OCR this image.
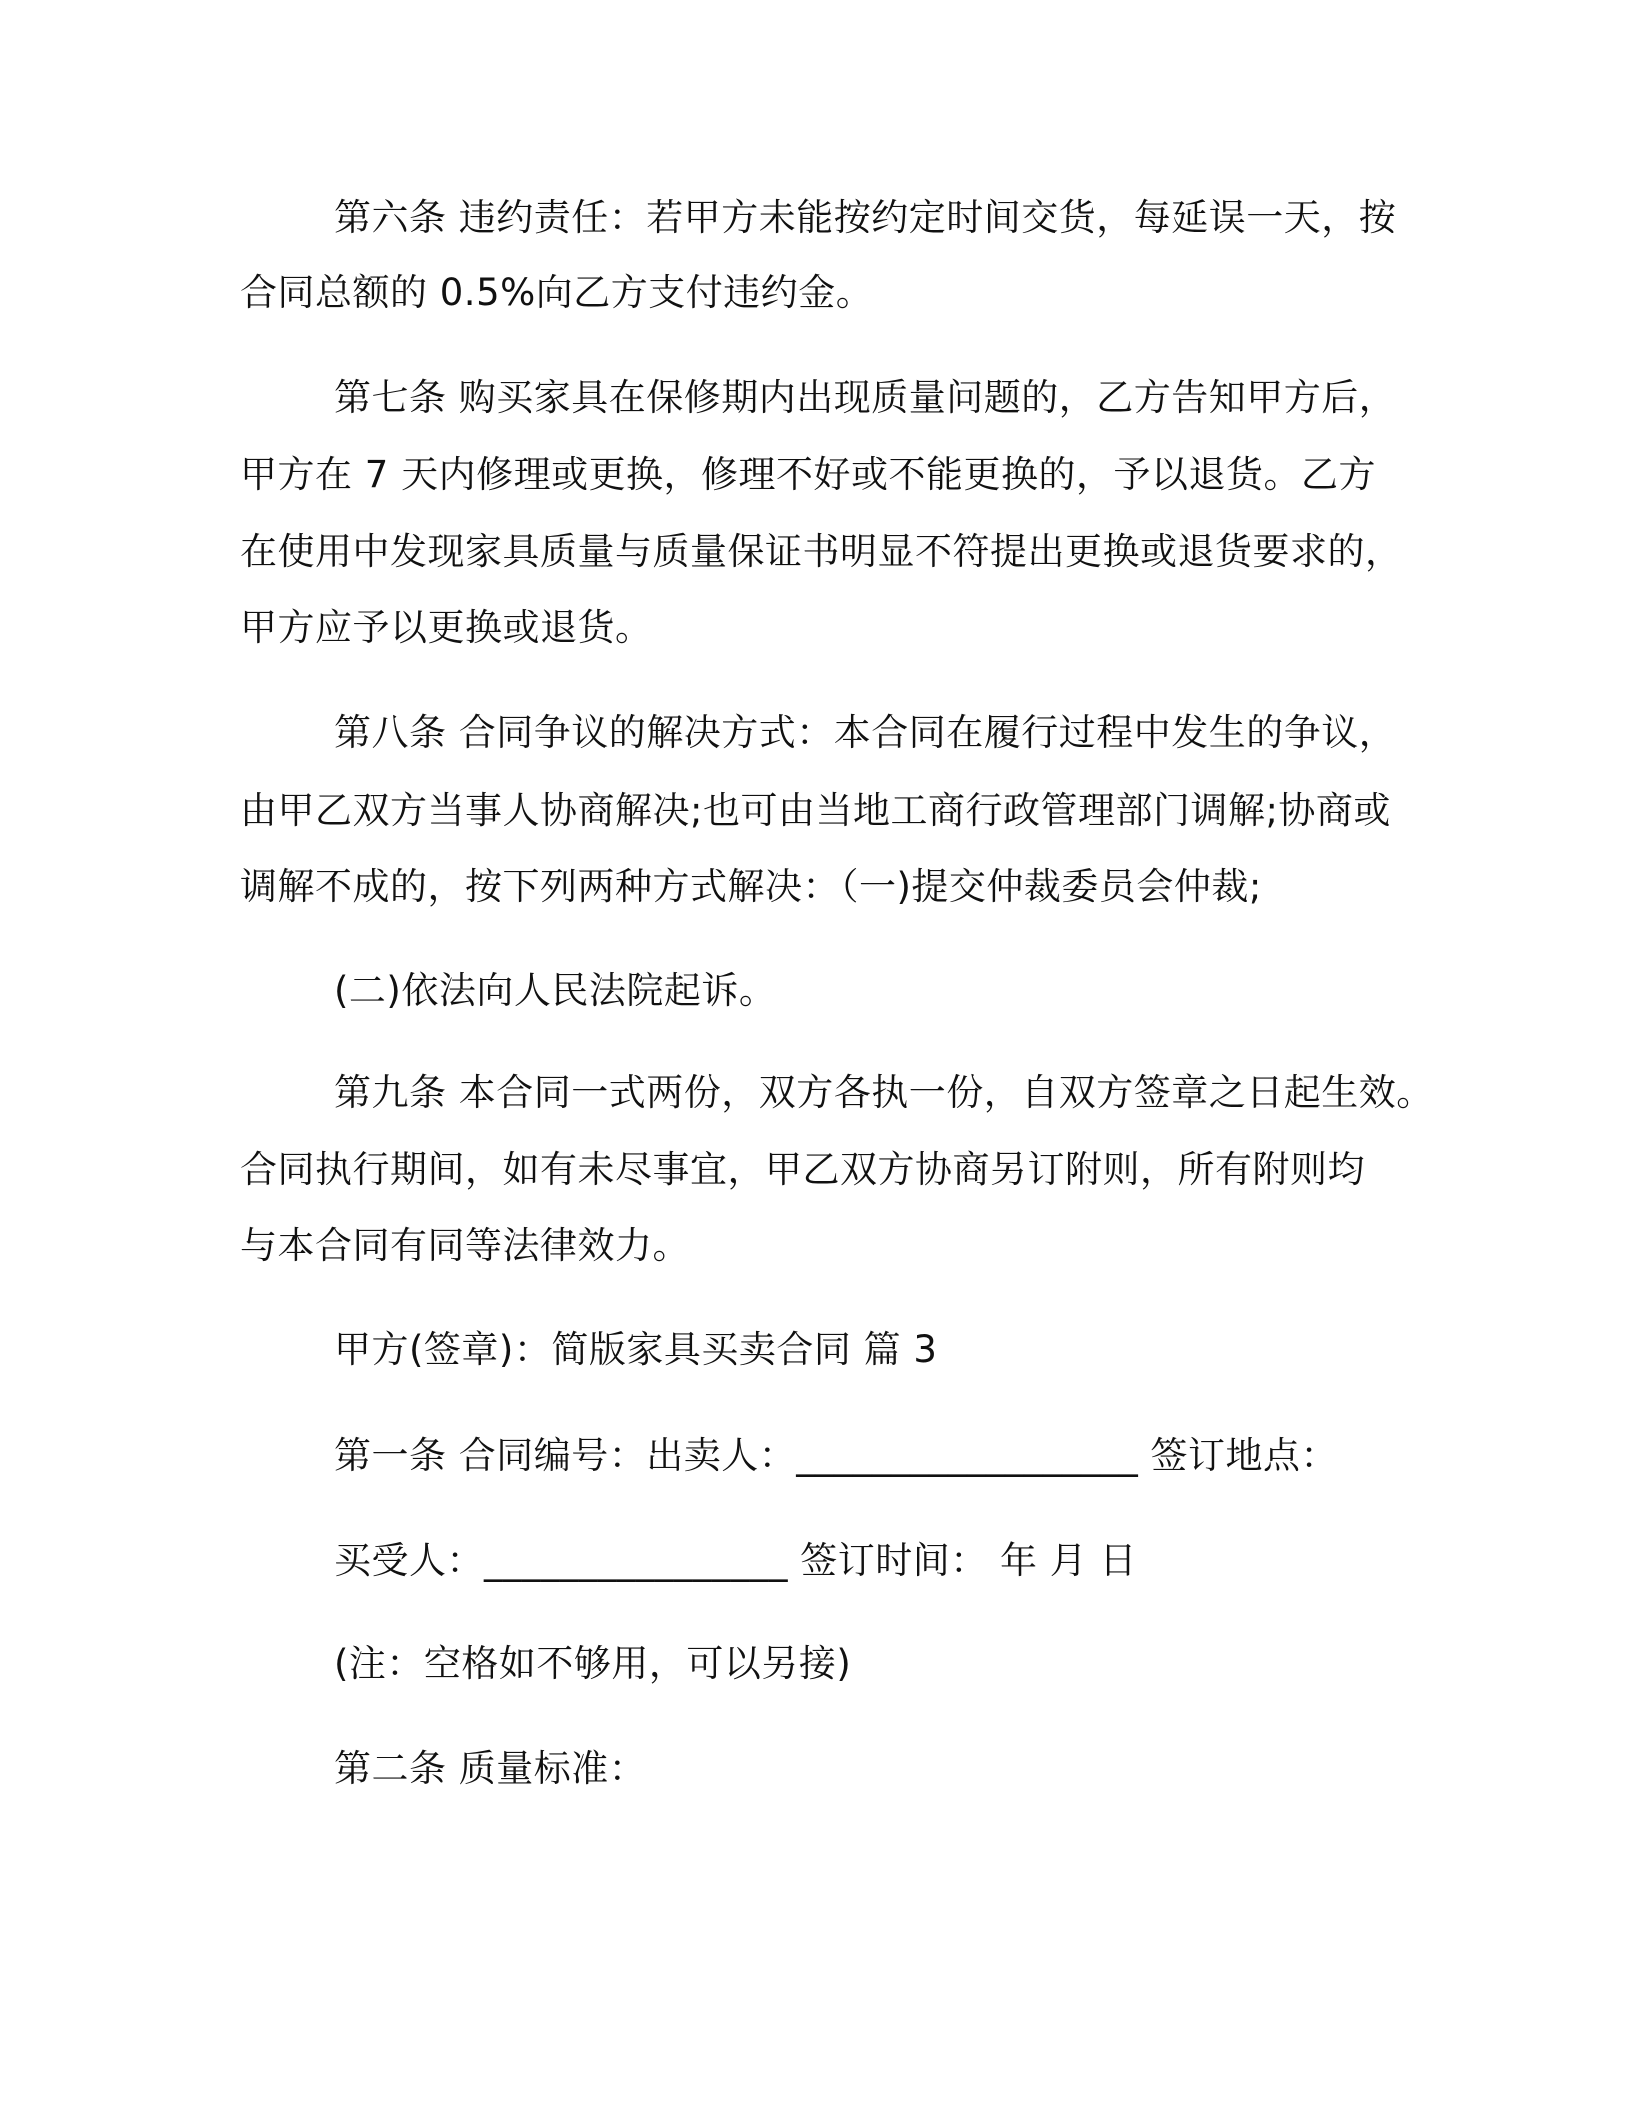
第六条 违约责任：若甲方未能按约定时间交货，每延误一天，按
合同总额的 0.5%向乙方支付违约金。
第七条 购买家具在保修期内出现质量问题的，乙方告知甲方后，
甲方在 7 天内修理或更换，修理不好或不能更换的，予以退货。乙方
在使用中发现家具质量与质量保证书明显不符提出更换或退货要求的，
甲方应予以更换或退货。
第八条 合同争议的解决方式：本合同在履行过程中发生的争议，
由甲乙双方当事人协商解决;也可由当地工商行政管理部门调解;协商或
调解不成的，按下列两种方式解决：（一)提交仲裁委员会仲裁;
(二)依法向人民法院起诉。
第九条 本合同一式两份，双方各执一份，自双方签章之日起生效。
合同执行期间，如有未尽事宜，甲乙双方协商另订附则，所有附则均
与本合同有同等法律效力。
甲方(签章)：简版家具买卖合同 篇 3
第一条 合同编号：出卖人：__________________ 签订地点：
买受人：________________ 签订时间： 年 月 日
(注：空格如不够用，可以另接)
第二条 质量标准：
